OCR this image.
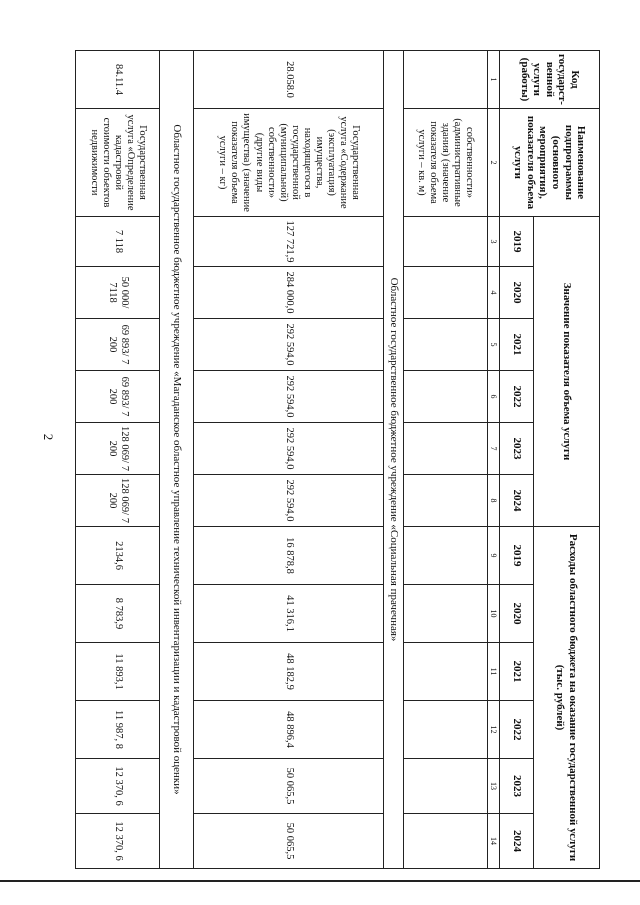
2
Код государст-венной услуги (работы)	Наименование подпрограммы (основного мероприятия), показателя объема услуги	Значение показателя объема услуги						Расходы областного бюджета на оказание государственной услуги (тыс. рублей)					
		2019	2020	2021	2022	2023	2024	2019	2020	2021	2022	2023	2024
1	2	3	4	5	6	7	8	9	10	11	12	13	14
	собственности» (административные здания) (значение показателя объема услуги – кв. м)												
Областное государственное бюджетное учреждение «Социальная прачечная»													
28.058.0	Государственная услуга «Содержание (эксплуатация) имущества, находящегося в государственной (муниципальной) собственности» (другие виды имущества) (значение показателя объема услуги – кг)	127 721,9	284 000,0	292 594,0	292 594,0	292 594,0	292 594,0	16 878,8	41 316,1	48 182,9	48 896,4	50 065,5	50 065,5
Областное государственное бюджетное учреждение «Магаданское областное управление технической инвентаризации и кадастровой оценки»													
84.11.4	Государственная услуга «Определение кадастровой стоимости объектов недвижимости	7 118	50 000/ 7118	69 893/ 7 200	69 893/ 7 200	128 069/ 7 200	128 069/ 7 200	2134,6	8 783,9	11 893,1	11 987, 8	12 370, 6	12 370, 6
